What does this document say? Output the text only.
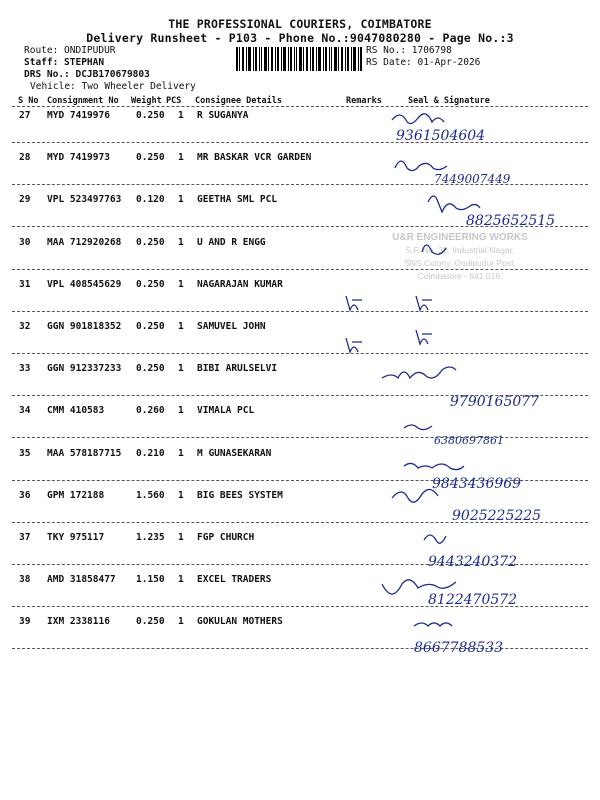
THE PROFESSIONAL COURIERS, COIMBATORE
Delivery Runsheet - P103 - Phone No.:9047080280 - Page No.:3
Route: ONDIPUDUR
Staff: STEPHAN
DRS No.: DCJB170679803
Vehicle: Two Wheeler Delivery
RS No.: 1706798
RS Date: 01-Apr-2026
S No Consignment No Weight PCS Consignee Details	Remarks	Seal & Signature
27 MYD 7419976	0.250 1 R SUGANYA
28 MYD 7419973	0.250 1 MR BASKAR VCR GARDEN
29 VPL 523497763 0.120 1 GEETHA SML PCL
30 MAA 712920268 0.250 1 U AND R ENGG
31 VPL 408545629 0.250 1 NAGARAJAN KUMAR
32 GGN 901818352 0.250 1 SAMUVEL JOHN
33 GGN 912337233 0.250 1 BIBI ARULSELVI
34 CMM 410583	0.260 1 VIMALA PCL
35 MAA 578187715 0.210 1 M GUNASEKARAN
36 GPM 172188	1.560 1 BIG BEES SYSTEM
37 TKY 975117	1.235 1 FGP CHURCH
38 AMD 31858477 1.150 1 EXCEL TRADERS
39 IXM 2338116	0.250 1 GOKULAN MOTHERS
U&R ENGINEERING WORKS
S.F. No. 38, Industrial Nagar,
SNS Colony, Ondipudur Post,
Coimbatore - 641 016.
9361504604
7449007449
8825652515
9790165077
6380697861
9843436969
9025225225
9443240372
8122470572
8667788533
